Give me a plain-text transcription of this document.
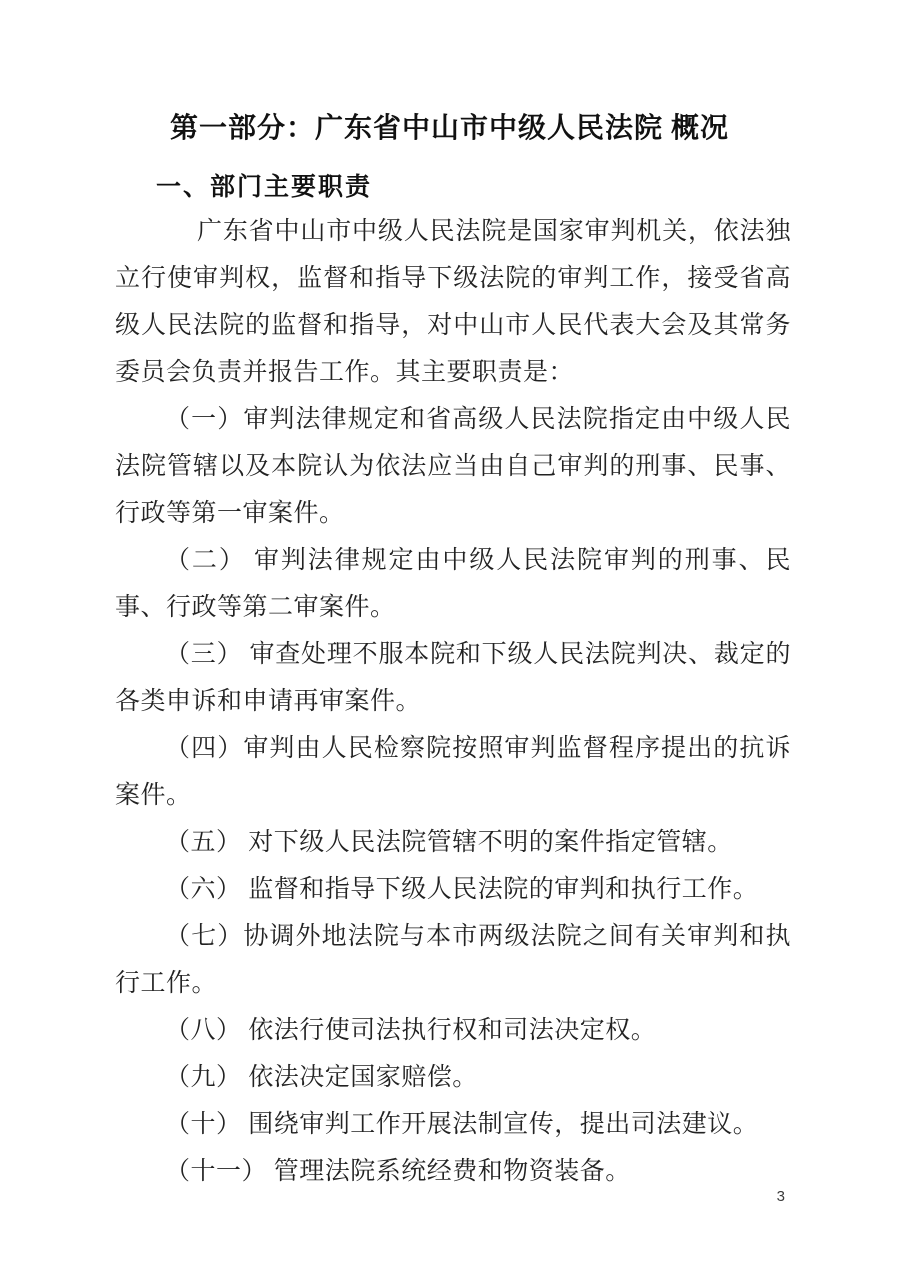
第一部分：广东省中山市中级人民法院 概况
一、部门主要职责

广东省中山市中级人民法院是国家审判机关，依法独立行使审判权，监督和指导下级法院的审判工作，接受省高级人民法院的监督和指导，对中山市人民代表大会及其常务委员会负责并报告工作。其主要职责是：

（一）审判法律规定和省高级人民法院指定由中级人民法院管辖以及本院认为依法应当由自己审判的刑事、民事、行政等第一审案件。

（二） 审判法律规定由中级人民法院审判的刑事、民事、行政等第二审案件。

（三） 审查处理不服本院和下级人民法院判决、裁定的各类申诉和申请再审案件。

（四）审判由人民检察院按照审判监督程序提出的抗诉案件。

（五） 对下级人民法院管辖不明的案件指定管辖。

（六） 监督和指导下级人民法院的审判和执行工作。

（七）协调外地法院与本市两级法院之间有关审判和执行工作。

（八） 依法行使司法执行权和司法决定权。

（九） 依法决定国家赔偿。

（十） 围绕审判工作开展法制宣传，提出司法建议。

（十一） 管理法院系统经费和物资装备。

3
